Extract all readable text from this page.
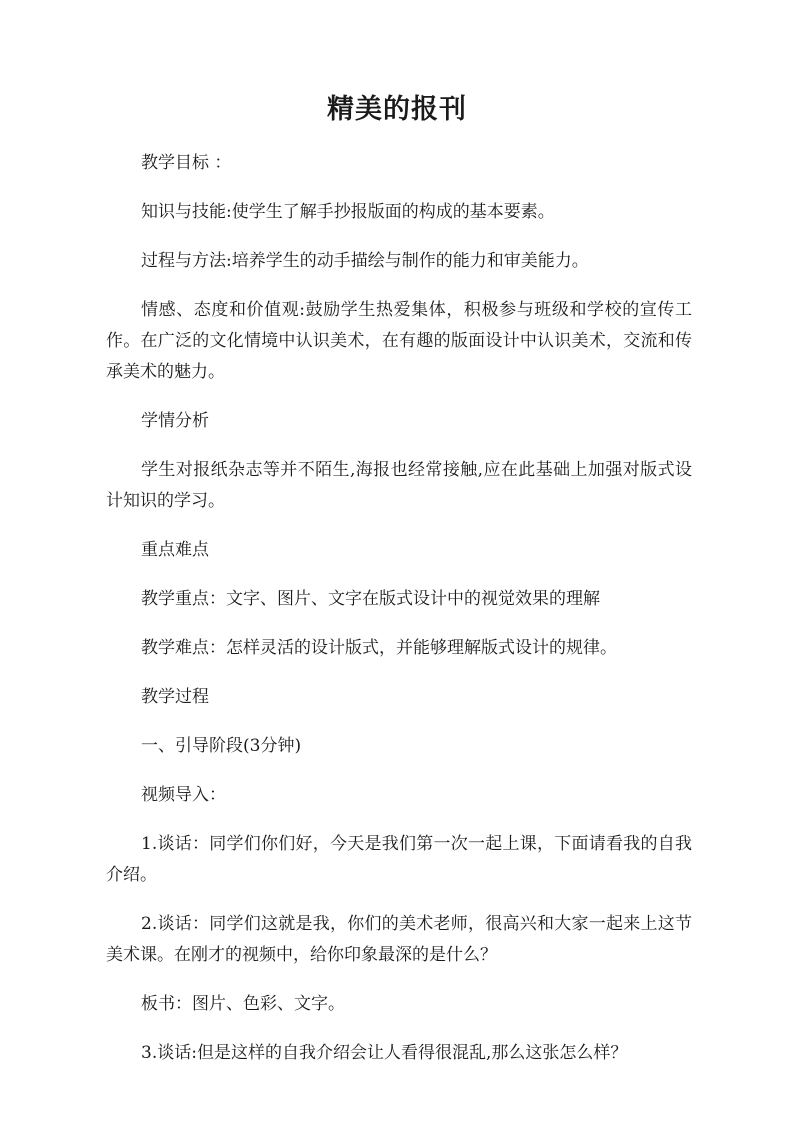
精美的报刊

教学目标 ：

知识与技能:使学生了解手抄报版面的构成的基本要素。

过程与方法:培养学生的动手描绘与制作的能力和审美能力。

情感、态度和价值观:鼓励学生热爱集体，积极参与班级和学校的宣传工作。在广泛的文化情境中认识美术，在有趣的版面设计中认识美术，交流和传承美术的魅力。

学情分析

学生对报纸杂志等并不陌生,海报也经常接触,应在此基础上加强对版式设计知识的学习。

重点难点

教学重点：文字、图片、文字在版式设计中的视觉效果的理解

教学难点：怎样灵活的设计版式，并能够理解版式设计的规律。

教学过程

一、引导阶段(3分钟)

视频导入：

1.谈话：同学们你们好，今天是我们第一次一起上课，下面请看我的自我介绍。

2.谈话：同学们这就是我，你们的美术老师，很高兴和大家一起来上这节美术课。在刚才的视频中，给你印象最深的是什么？

板书：图片、色彩、文字。

3.谈话:但是这样的自我介绍会让人看得很混乱,那么这张怎么样？
